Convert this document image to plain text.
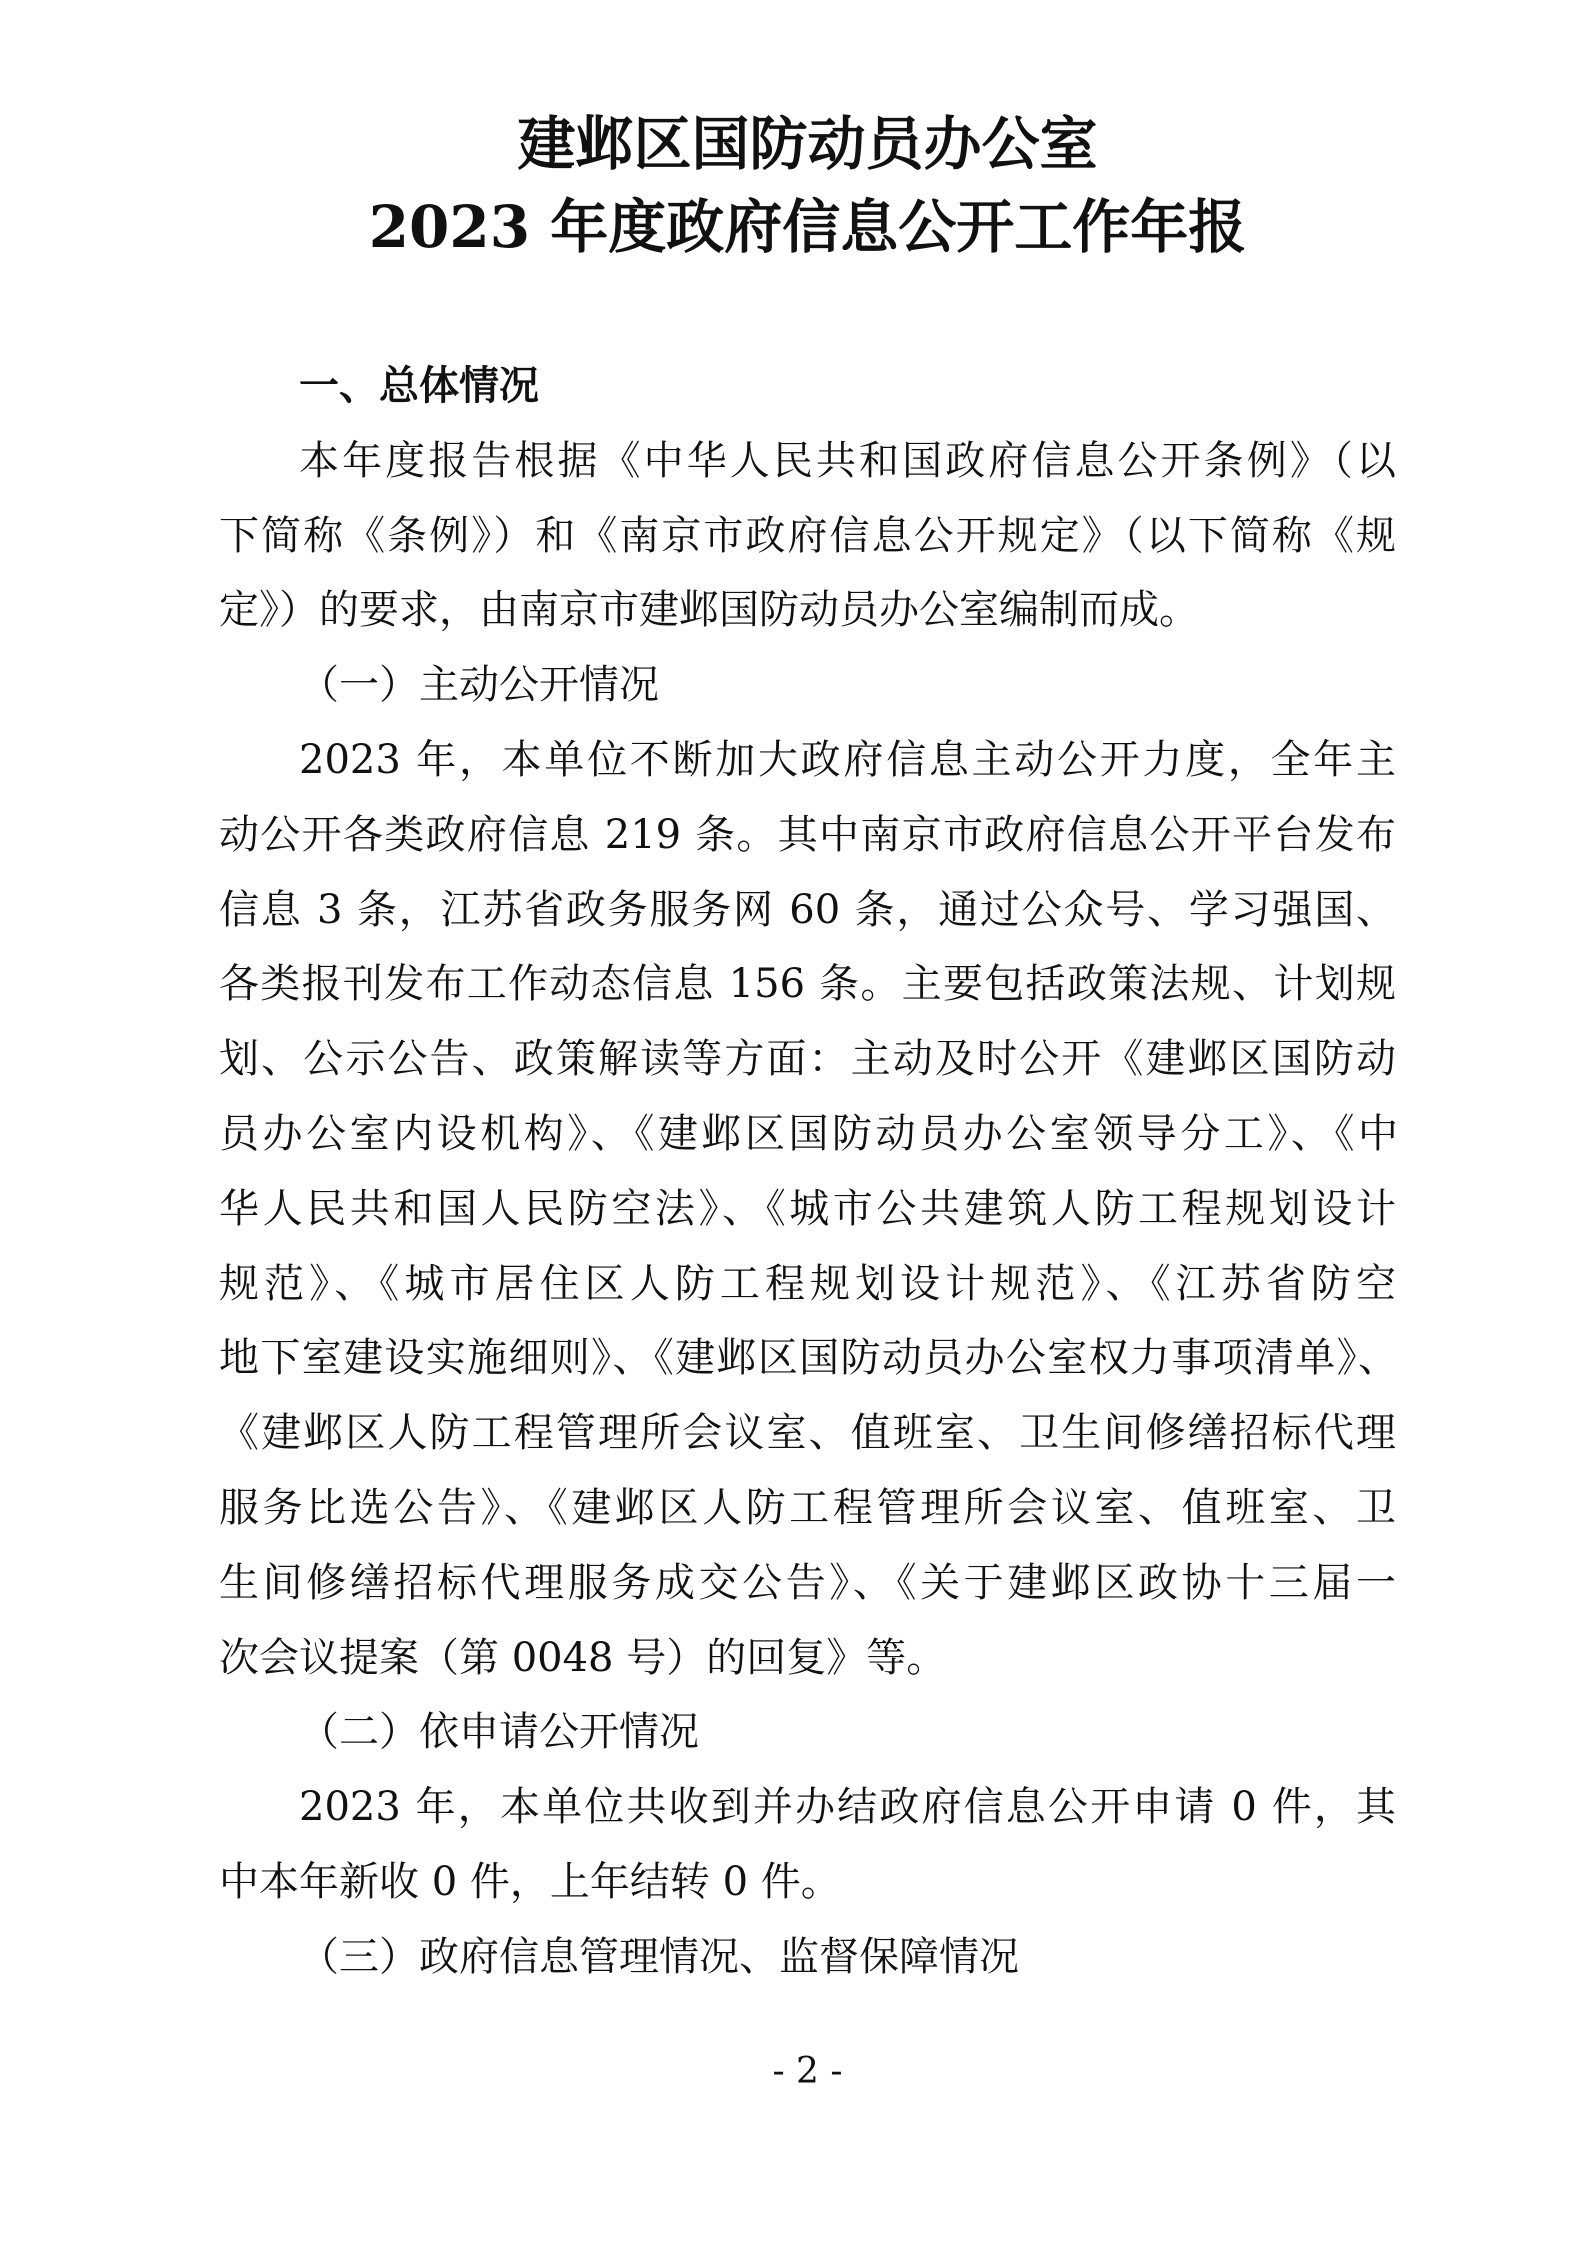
建邺区国防动员办公室
2023 年度政府信息公开工作年报
一、总体情况
本年度报告根据《中华人民共和国政府信息公开条例》（以
下简称《条例》）和《南京市政府信息公开规定》（以下简称《规
定》）的要求，由南京市建邺国防动员办公室编制而成。
（一）主动公开情况
2023 年，本单位不断加大政府信息主动公开力度，全年主
动公开各类政府信息 219 条。其中南京市政府信息公开平台发布
信息 3 条，江苏省政务服务网 60 条，通过公众号、学习强国、
各类报刊发布工作动态信息 156 条。主要包括政策法规、计划规
划、公示公告、政策解读等方面：主动及时公开《建邺区国防动
员办公室内设机构》、《建邺区国防动员办公室领导分工》、《中
华人民共和国人民防空法》、《城市公共建筑人防工程规划设计
规范》、《城市居住区人防工程规划设计规范》、《江苏省防空
地下室建设实施细则》、《建邺区国防动员办公室权力事项清单》、
《建邺区人防工程管理所会议室、值班室、卫生间修缮招标代理
服务比选公告》、《建邺区人防工程管理所会议室、值班室、卫
生间修缮招标代理服务成交公告》、《关于建邺区政协十三届一
次会议提案（第 0048 号）的回复》等。
（二）依申请公开情况
2023 年，本单位共收到并办结政府信息公开申请 0 件，其
中本年新收 0 件，上年结转 0 件。
（三）政府信息管理情况、监督保障情况
- 2 -
